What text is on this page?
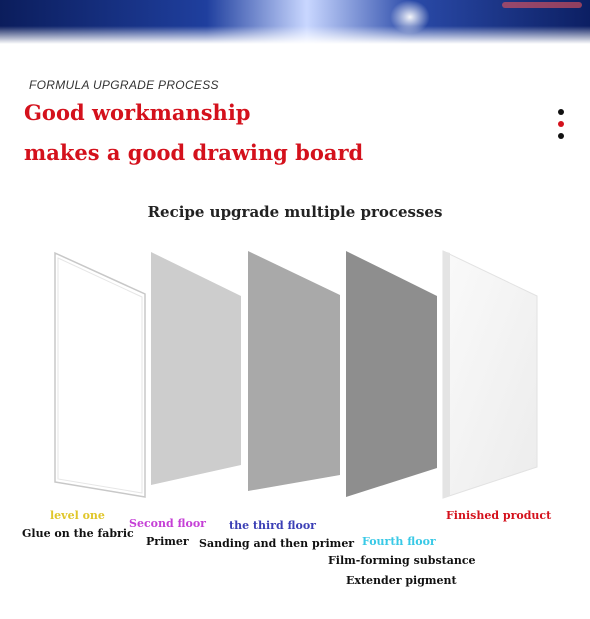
FORMULA UPGRADE PROCESS
Good workmanship
makes a good drawing board
Recipe upgrade multiple processes
level one
Glue on the fabric
Second floor
Primer
the third floor
Sanding and then primer Fourth floor
Film-forming substance
Extender pigment
Finished product
